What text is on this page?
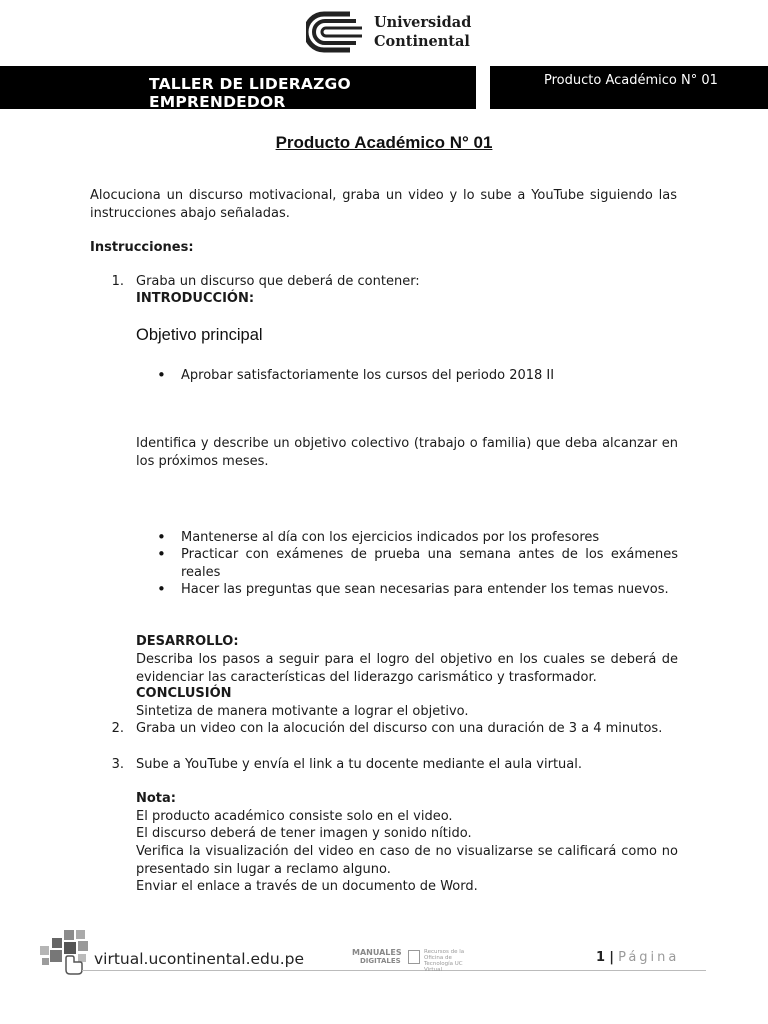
Universidad
Continental
TALLER DE LIDERAZGO EMPRENDEDOR
Producto Académico N° 01
Producto Académico N° 01
Alocuciona un discurso motivacional, graba un video y lo sube a YouTube siguiendo las instrucciones abajo señaladas.
Instrucciones:
1. Graba un discurso que deberá de contener:
INTRODUCCIÓN:
Objetivo principal
• Aprobar satisfactoriamente los cursos del periodo 2018 II
Identifica y describe un objetivo colectivo (trabajo o familia) que deba alcanzar en los próximos meses.
• Mantenerse al día con los ejercicios indicados por los profesores
• Practicar con exámenes de prueba una semana antes de los exámenes reales
• Hacer las preguntas que sean necesarias para entender los temas nuevos.
DESARROLLO:
Describa los pasos a seguir para el logro del objetivo en los cuales se deberá de evidenciar las características del liderazgo carismático y trasformador.
CONCLUSIÓN
Sintetiza de manera motivante a lograr el objetivo.
2. Graba un video con la alocución del discurso con una duración de 3 a 4 minutos.
3. Sube a YouTube y envía el link a tu docente mediante el aula virtual.
Nota:
El producto académico consiste solo en el video.
El discurso deberá de tener imagen y sonido nítido.
Verifica la visualización del video en caso de no visualizarse se calificará como no presentado sin lugar a reclamo alguno.
Enviar el enlace a través de un documento de Word.
virtual.ucontinental.edu.pe	MANUALES
DIGITALES
Recursos de la Oficina de Tecnología UC Virtual
1 | Página
